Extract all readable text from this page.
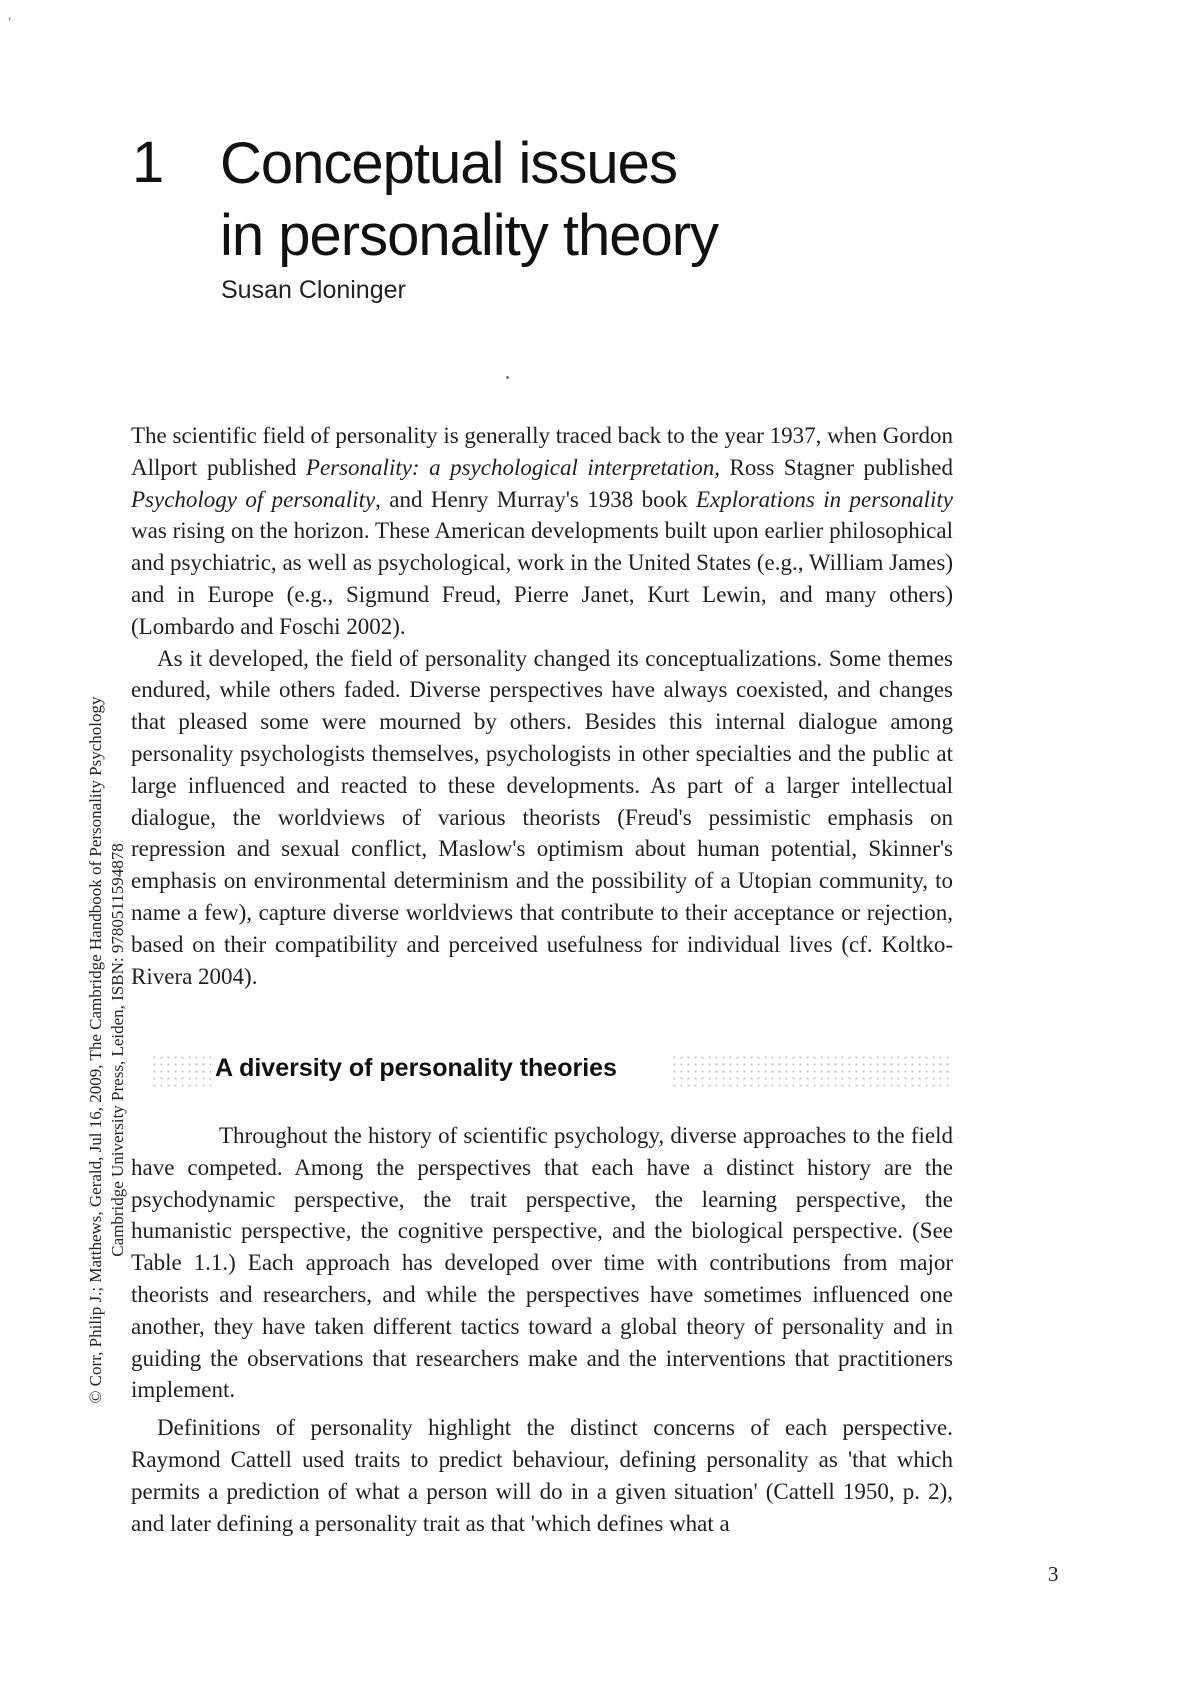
,
1 Conceptual issues
in personality theory
Susan Cloninger

The scientific field of personality is generally traced back to the year 1937, when Gordon Allport published Personality: a psychological interpretation, Ross Stagner published Psychology of personality, and Henry Murray's 1938 book Explorations in personality was rising on the horizon. These American developments built upon earlier philosophical and psychiatric, as well as psychological, work in the United States (e.g., William James) and in Europe (e.g., Sigmund Freud, Pierre Janet, Kurt Lewin, and many others) (Lombardo and Foschi 2002).

As it developed, the field of personality changed its conceptualizations. Some themes endured, while others faded. Diverse perspectives have always coexisted, and changes that pleased some were mourned by others. Besides this internal dialogue among personality psychologists themselves, psychologists in other specialties and the public at large influenced and reacted to these developments. As part of a larger intellectual dialogue, the worldviews of various theorists (Freud's pessimistic emphasis on repression and sexual conflict, Maslow's optimism about human potential, Skinner's emphasis on environmental determinism and the possibility of a Utopian community, to name a few), capture diverse worldviews that contribute to their acceptance or rejection, based on their compatibility and perceived usefulness for individual lives (cf. Koltko-Rivera 2004).

A diversity of personality theories

Throughout the history of scientific psychology, diverse approaches to the field have competed. Among the perspectives that each have a distinct history are the psychodynamic perspective, the trait perspective, the learning perspective, the humanistic perspective, the cognitive perspective, and the biological perspective. (See Table 1.1.) Each approach has developed over time with contributions from major theorists and researchers, and while the perspectives have sometimes influenced one another, they have taken different tactics toward a global theory of personality and in guiding the observations that researchers make and the interventions that practitioners implement.

Definitions of personality highlight the distinct concerns of each perspective. Raymond Cattell used traits to predict behaviour, defining personality as 'that which permits a prediction of what a person will do in a given situation' (Cattell 1950, p. 2), and later defining a personality trait as that 'which defines what a

© Corr, Philip J.; Matthews, Gerald, Jul 16, 2009, The Cambridge Handbook of Personality Psychology Cambridge University Press, Leiden, ISBN: 9780511594878
3
